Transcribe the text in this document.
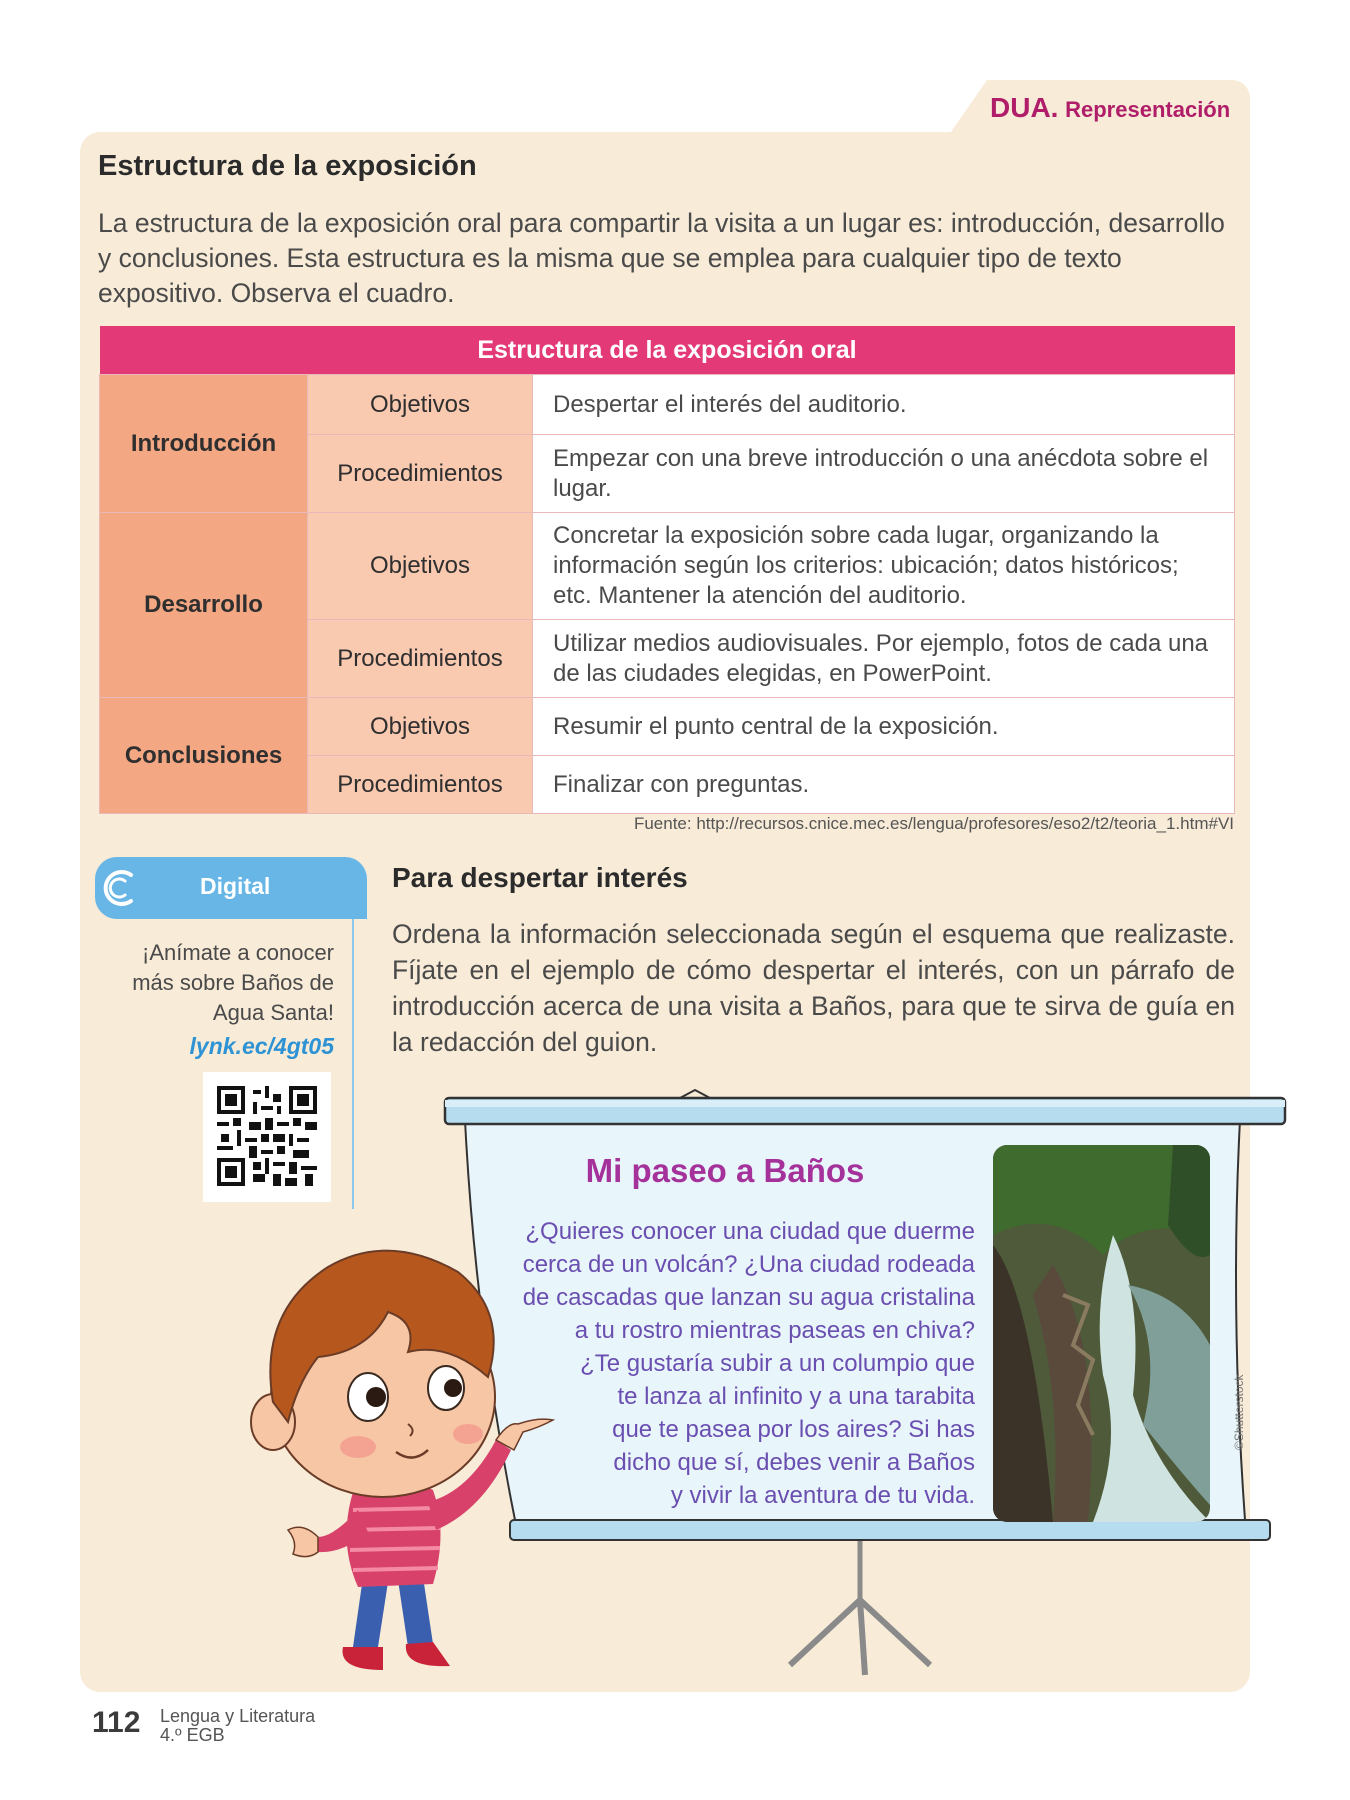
DUA. Representación
Estructura de la exposición

La estructura de la exposición oral para compartir la visita a un lugar es: introducción, desarrollo y conclusiones. Esta estructura es la misma que se emplea para cualquier tipo de texto expositivo. Observa el cuadro.

Estructura de la exposición oral		
Introducción	Objetivos	Despertar el interés del auditorio.
	Procedimientos	Empezar con una breve introducción o una anécdota sobre el lugar.
Desarrollo	Objetivos	Concretar la exposición sobre cada lugar, organizando la información según los criterios: ubicación; datos históricos; etc. Mantener la atención del auditorio.
	Procedimientos	Utilizar medios audiovisuales. Por ejemplo, fotos de cada una de las ciudades elegidas, en PowerPoint.
Conclusiones	Objetivos	Resumir el punto central de la exposición.
	Procedimientos	Finalizar con preguntas.
Fuente: http://recursos.cnice.mec.es/lengua/profesores/eso2/t2/teoria_1.htm#VI
Digital

¡Anímate a conocer más sobre Baños de Agua Santa!

lynk.ec/4gt05
Para despertar interés

Ordena la información seleccionada según el esquema que realizaste. Fíjate en el ejemplo de cómo despertar el interés, con un párrafo de introducción acerca de una visita a Baños, para que te sirva de guía en la redacción del guion.

Mi paseo a Baños

¿Quieres conocer una ciudad que duerme
cerca de un volcán? ¿Una ciudad rodeada
de cascadas que lanzan su agua cristalina
a tu rostro mientras paseas en chiva?
¿Te gustaría subir a un columpio que
te lanza al infinito y a una tarabita
que te pasea por los aires? Si has
dicho que sí, debes venir a Baños
y vivir la aventura de tu vida.

©Shutterstock
112 Lengua y Literatura
4.º EGB
